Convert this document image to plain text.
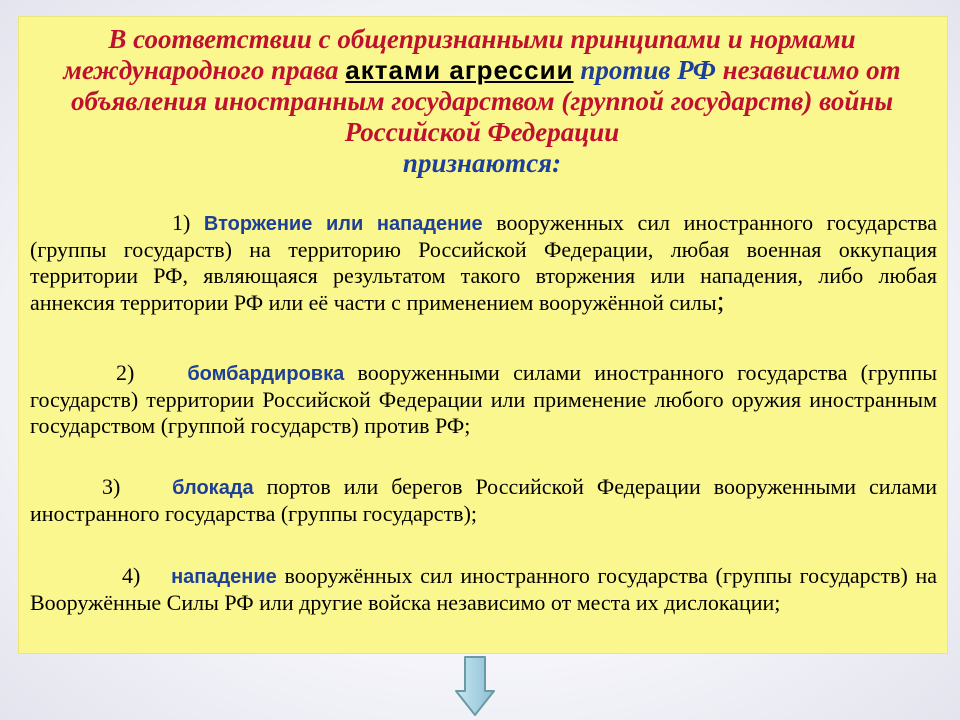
В соответствии с общепризнанными принципами и нормами международного права актами агрессии против РФ независимо от объявления иностранным государством (группой государств) войны Российской Федерации
признаются:

1) Вторжение или нападение вооруженных сил иностранного государства (группы государств) на территорию Российской Федерации, любая военная оккупация территории РФ, являющаяся результатом такого вторжения или нападения, либо любая аннексия территории РФ или её части с применением вооружённой силы;

2)	бомбардировка вооруженными силами иностранного государства (группы государств) территории Российской Федерации или применение любого оружия иностранным государством (группой государств) против РФ;

3)	блокада портов или берегов Российской Федерации вооруженными силами иностранного государства (группы государств);

4) нападение вооружённых сил иностранного государства (группы государств) на Вооружённые Силы РФ или другие войска независимо от места их дислокации;
